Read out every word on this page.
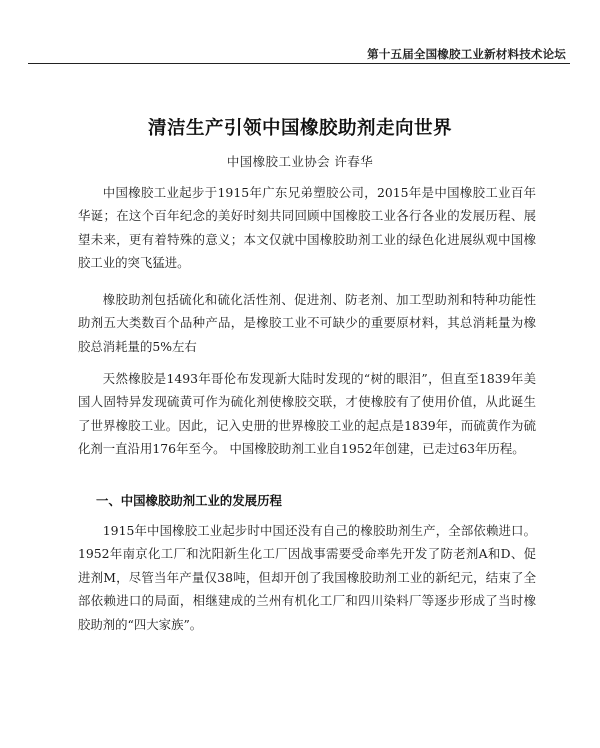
第十五届全国橡胶工业新材料技术论坛
清洁生产引领中国橡胶助剂走向世界
中国橡胶工业协会 许春华

中国橡胶工业起步于1915年广东兄弟塑胶公司，2015年是中国橡胶工业百年华诞；在这个百年纪念的美好时刻共同回顾中国橡胶工业各行各业的发展历程、展望未来，更有着特殊的意义；本文仅就中国橡胶助剂工业的绿色化进展纵观中国橡胶工业的突飞猛进。

橡胶助剂包括硫化和硫化活性剂、促进剂、防老剂、加工型助剂和特种功能性助剂五大类数百个品种产品，是橡胶工业不可缺少的重要原材料，其总消耗量为橡胶总消耗量的5%左右

天然橡胶是1493年哥伦布发现新大陆时发现的“树的眼泪”，但直至1839年美国人固特异发现硫黄可作为硫化剂使橡胶交联，才使橡胶有了使用价值，从此诞生了世界橡胶工业。因此，记入史册的世界橡胶工业的起点是1839年，而硫黄作为硫化剂一直沿用176年至今。 中国橡胶助剂工业自1952年创建，已走过63年历程。

一、中国橡胶助剂工业的发展历程

1915年中国橡胶工业起步时中国还没有自己的橡胶助剂生产，全部依赖进口。1952年南京化工厂和沈阳新生化工厂因战事需要受命率先开发了防老剂A和D、促进剂M，尽管当年产量仅38吨，但却开创了我国橡胶助剂工业的新纪元，结束了全部依赖进口的局面，相继建成的兰州有机化工厂和四川染料厂等逐步形成了当时橡胶助剂的“四大家族”。
